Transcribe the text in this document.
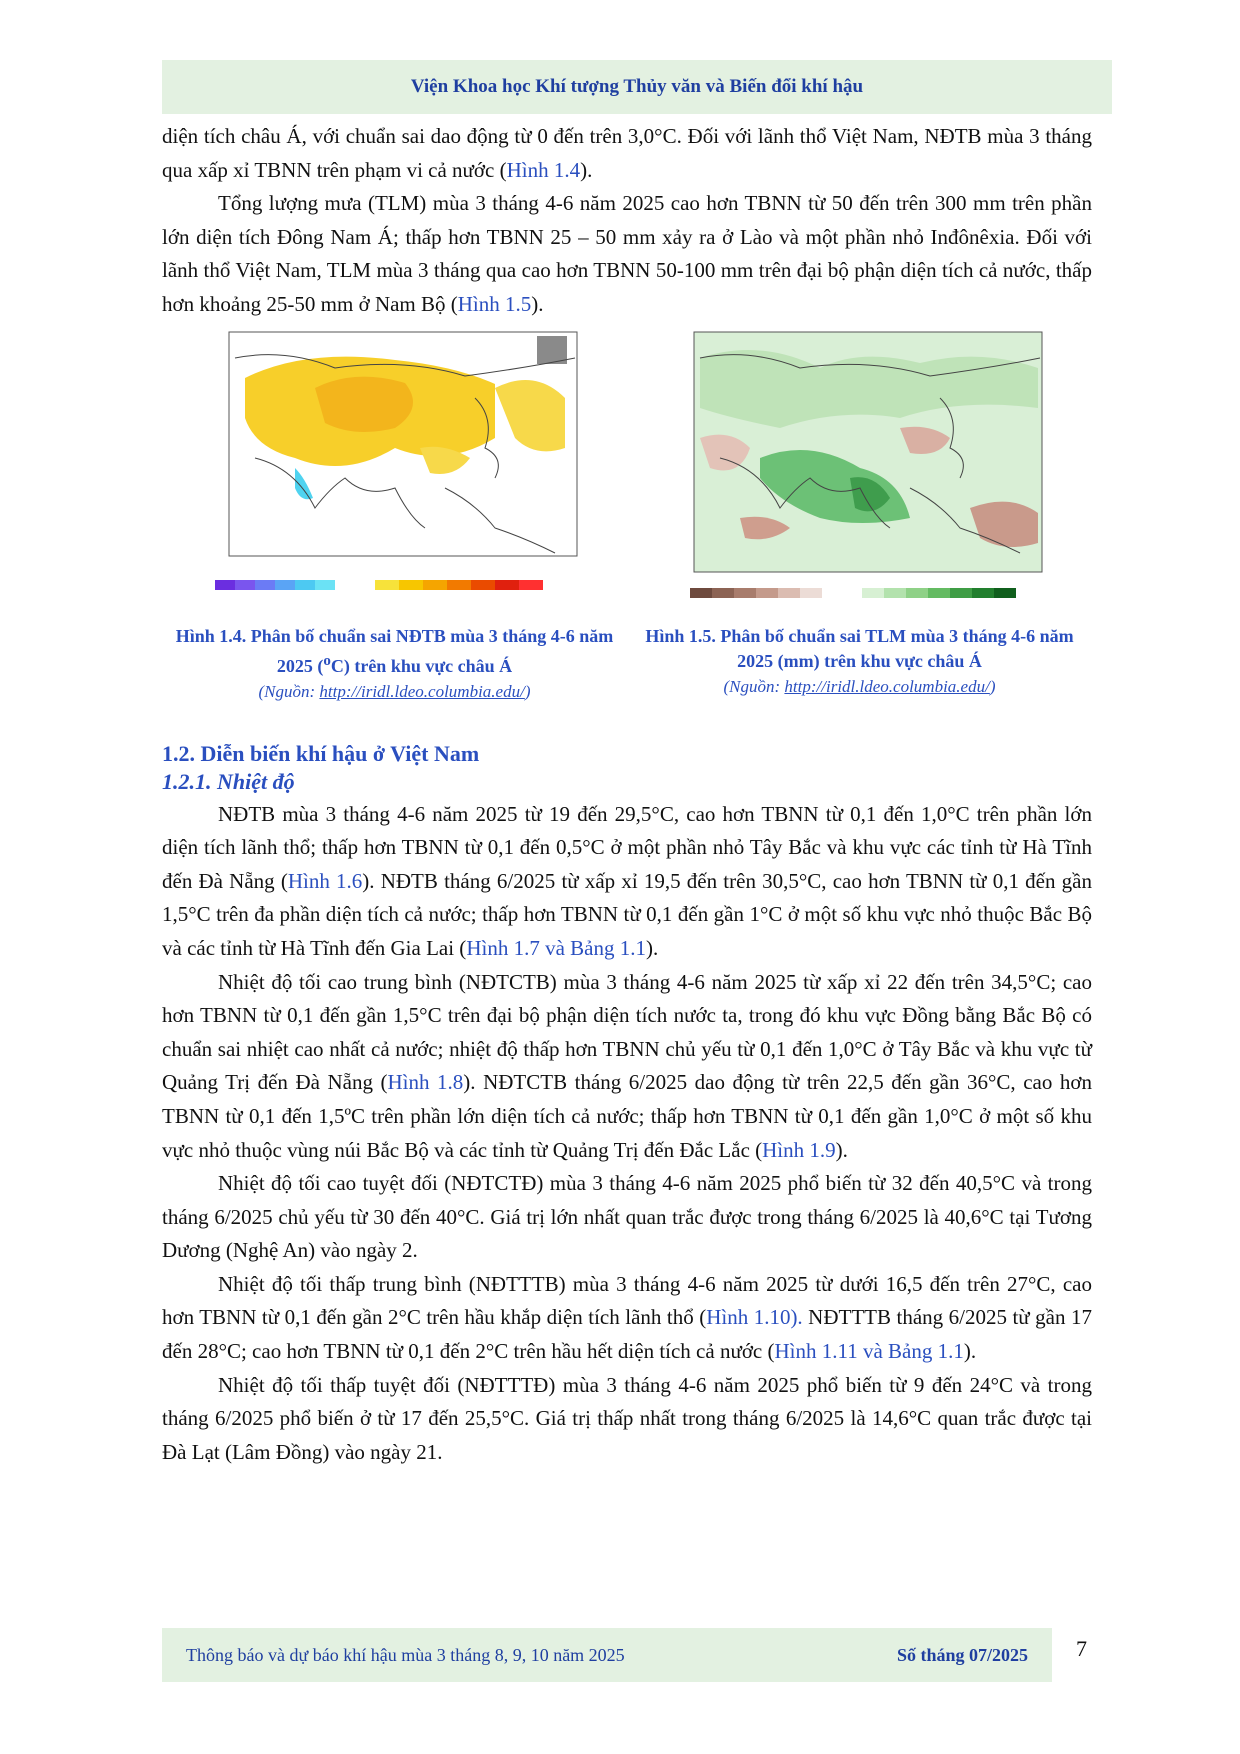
Viện Khoa học Khí tượng Thủy văn và Biến đổi khí hậu

diện tích châu Á, với chuẩn sai dao động từ 0 đến trên 3,0°C. Đối với lãnh thổ Việt Nam, NĐTB mùa 3 tháng qua xấp xỉ TBNN trên phạm vi cả nước (Hình 1.4).

Tổng lượng mưa (TLM) mùa 3 tháng 4-6 năm 2025 cao hơn TBNN từ 50 đến trên 300 mm trên phần lớn diện tích Đông Nam Á; thấp hơn TBNN 25 – 50 mm xảy ra ở Lào và một phần nhỏ Inđônêxia. Đối với lãnh thổ Việt Nam, TLM mùa 3 tháng qua cao hơn TBNN 50-100 mm trên đại bộ phận diện tích cả nước, thấp hơn khoảng 25-50 mm ở Nam Bộ (Hình 1.5).

Hình 1.4. Phân bố chuẩn sai NĐTB mùa 3 tháng 4-6 năm 2025 ($^o$C) trên khu vực châu Á
(Nguồn: http://iridl.ldeo.columbia.edu/)
Hình 1.5. Phân bố chuẩn sai TLM mùa 3 tháng 4-6 năm 2025 (mm) trên khu vực châu Á
(Nguồn: http://iridl.ldeo.columbia.edu/)
1.2. Diễn biến khí hậu ở Việt Nam
1.2.1. Nhiệt độ

NĐTB mùa 3 tháng 4-6 năm 2025 từ 19 đến 29,5°C, cao hơn TBNN từ 0,1 đến 1,0°C trên phần lớn diện tích lãnh thổ; thấp hơn TBNN từ 0,1 đến 0,5°C ở một phần nhỏ Tây Bắc và khu vực các tỉnh từ Hà Tĩnh đến Đà Nẵng (Hình 1.6). NĐTB tháng 6/2025 từ xấp xỉ 19,5 đến trên 30,5°C, cao hơn TBNN từ 0,1 đến gần 1,5°C trên đa phần diện tích cả nước; thấp hơn TBNN từ 0,1 đến gần 1°C ở một số khu vực nhỏ thuộc Bắc Bộ và các tỉnh từ Hà Tĩnh đến Gia Lai (Hình 1.7 và Bảng 1.1).

Nhiệt độ tối cao trung bình (NĐTCTB) mùa 3 tháng 4-6 năm 2025 từ xấp xỉ 22 đến trên 34,5°C; cao hơn TBNN từ 0,1 đến gần 1,5°C trên đại bộ phận diện tích nước ta, trong đó khu vực Đồng bằng Bắc Bộ có chuẩn sai nhiệt cao nhất cả nước; nhiệt độ thấp hơn TBNN chủ yếu từ 0,1 đến 1,0°C ở Tây Bắc và khu vực từ Quảng Trị đến Đà Nẵng (Hình 1.8). NĐTCTB tháng 6/2025 dao động từ trên 22,5 đến gần 36°C, cao hơn TBNN từ 0,1 đến 1,5ºC trên phần lớn diện tích cả nước; thấp hơn TBNN từ 0,1 đến gần 1,0°C ở một số khu vực nhỏ thuộc vùng núi Bắc Bộ và các tỉnh từ Quảng Trị đến Đắc Lắc (Hình 1.9).

Nhiệt độ tối cao tuyệt đối (NĐTCTĐ) mùa 3 tháng 4-6 năm 2025 phổ biến từ 32 đến 40,5°C và trong tháng 6/2025 chủ yếu từ 30 đến 40°C. Giá trị lớn nhất quan trắc được trong tháng 6/2025 là 40,6°C tại Tương Dương (Nghệ An) vào ngày 2.

Nhiệt độ tối thấp trung bình (NĐTTTB) mùa 3 tháng 4-6 năm 2025 từ dưới 16,5 đến trên 27°C, cao hơn TBNN từ 0,1 đến gần 2°C trên hầu khắp diện tích lãnh thổ (Hình 1.10). NĐTTTB tháng 6/2025 từ gần 17 đến 28°C; cao hơn TBNN từ 0,1 đến 2°C trên hầu hết diện tích cả nước (Hình 1.11 và Bảng 1.1).

Nhiệt độ tối thấp tuyệt đối (NĐTTTĐ) mùa 3 tháng 4-6 năm 2025 phổ biến từ 9 đến 24°C và trong tháng 6/2025 phổ biến ở từ 17 đến 25,5°C. Giá trị thấp nhất trong tháng 6/2025 là 14,6°C quan trắc được tại Đà Lạt (Lâm Đồng) vào ngày 21.

Thông báo và dự báo khí hậu mùa 3 tháng 8, 9, 10 năm 2025	Số tháng 07/2025 7
